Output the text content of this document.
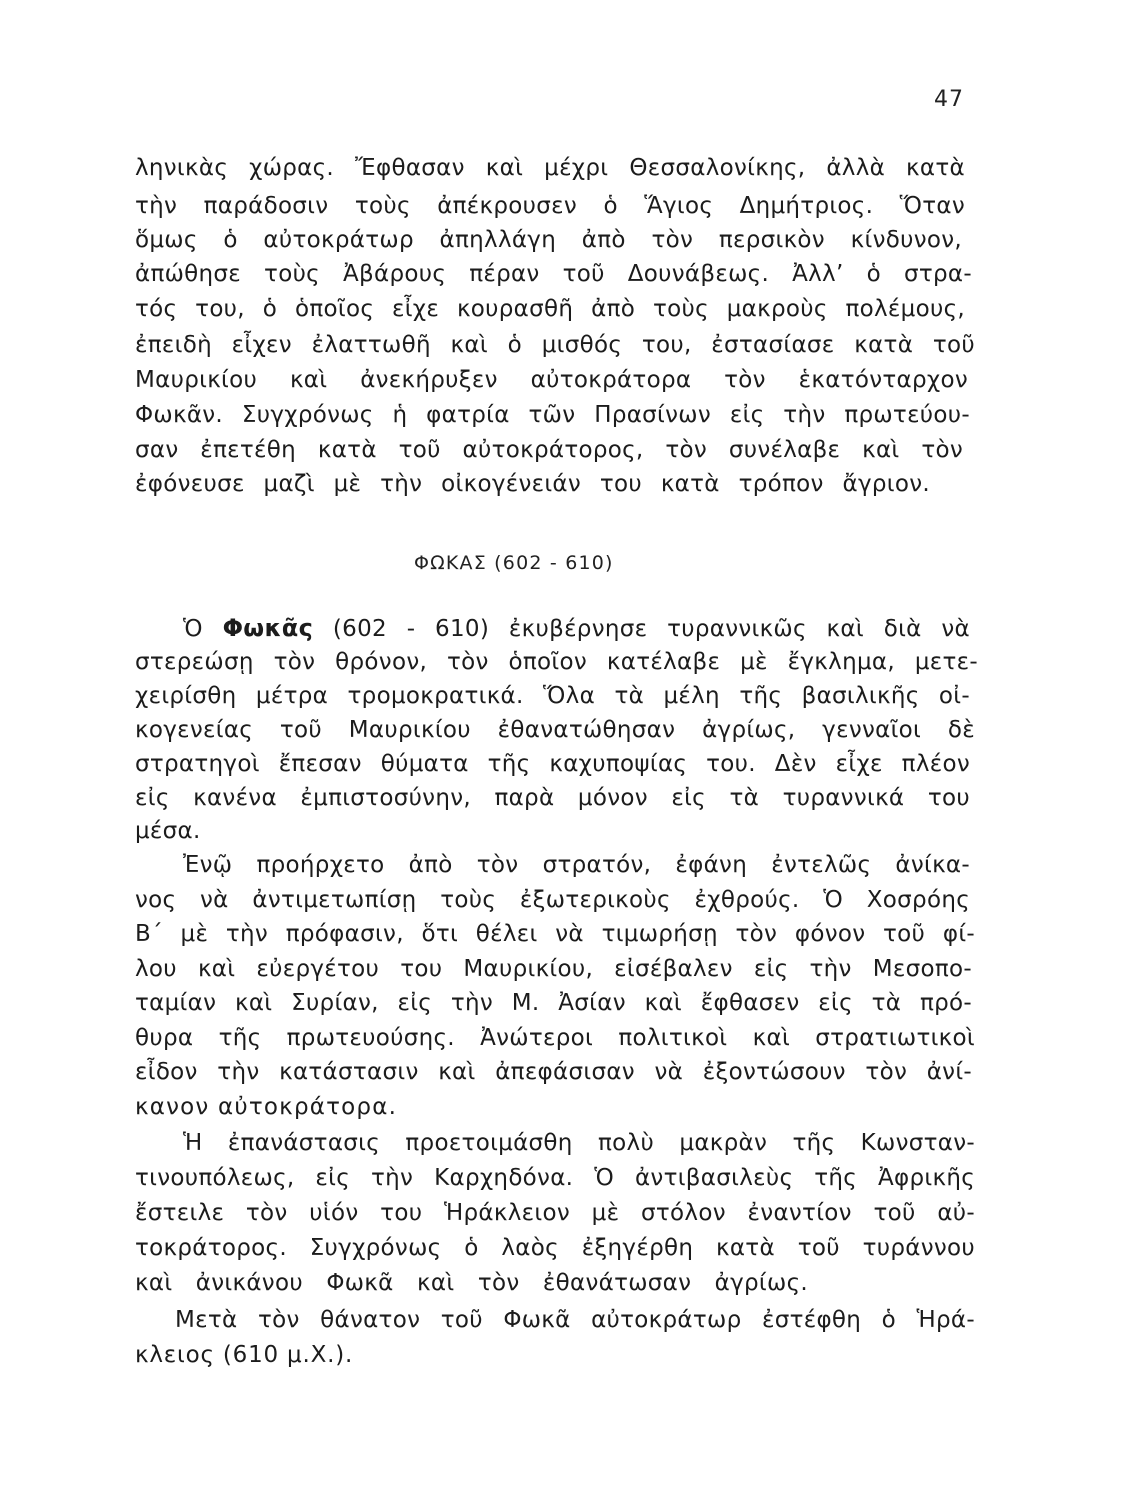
47
ληνικὰς χώρας. Ἔφθασαν καὶ μέχρι Θεσσαλονίκης, ἀλλὰ κατὰ
τὴν παράδοσιν τοὺς ἀπέκρουσεν ὁ Ἅγιος Δημήτριος. Ὅταν
ὅμως ὁ αὐτοκράτωρ ἀπηλλάγη ἀπὸ τὸν περσικὸν κίνδυνον,
ἀπώθησε τοὺς Ἀβάρους πέραν τοῦ Δουνάβεως. Ἀλλ’ ὁ στρα-
τός του, ὁ ὁποῖος εἶχε κουρασθῆ ἀπὸ τοὺς μακροὺς πολέμους,
ἐπειδὴ εἶχεν ἐλαττωθῆ καὶ ὁ μισθός του, ἐστασίασε κατὰ τοῦ
Μαυρικίου καὶ ἀνεκήρυξεν αὐτοκράτορα τὸν ἑκατόνταρχον
Φωκᾶν. Συγχρόνως ἡ φατρία τῶν Πρασίνων εἰς τὴν πρωτεύου-
σαν ἐπετέθη κατὰ τοῦ αὐτοκράτορος, τὸν συνέλαβε καὶ τὸν
ἐφόνευσε μαζὶ μὲ τὴν οἰκογένειάν του κατὰ τρόπον ἄγριον.
ΦΩΚΑΣ (602 - 610)
Ὁ Φωκᾶς (602 - 610) ἐκυβέρνησε τυραννικῶς καὶ διὰ νὰ
στερεώσῃ τὸν θρόνον, τὸν ὁποῖον κατέλαβε μὲ ἔγκλημα, μετε-
χειρίσθη μέτρα τρομοκρατικά. Ὅλα τὰ μέλη τῆς βασιλικῆς οἰ-
κογενείας τοῦ Μαυρικίου ἐθανατώθησαν ἀγρίως, γενναῖοι δὲ
στρατηγοὶ ἔπεσαν θύματα τῆς καχυποψίας του. Δὲν εἶχε πλέον
εἰς κανένα ἐμπιστοσύνην, παρὰ μόνον εἰς τὰ τυραννικά του
μέσα.
Ἐνῷ προήρχετο ἀπὸ τὸν στρατόν, ἐφάνη ἐντελῶς ἀνίκα-
νος νὰ ἀντιμετωπίσῃ τοὺς ἐξωτερικοὺς ἐχθρούς. Ὁ Χοσρόης
Β΄ μὲ τὴν πρόφασιν, ὅτι θέλει νὰ τιμωρήσῃ τὸν φόνον τοῦ φί-
λου καὶ εὐεργέτου του Μαυρικίου, εἰσέβαλεν εἰς τὴν Μεσοπο-
ταμίαν καὶ Συρίαν, εἰς τὴν Μ. Ἀσίαν καὶ ἔφθασεν εἰς τὰ πρό-
θυρα τῆς πρωτευούσης. Ἀνώτεροι πολιτικοὶ καὶ στρατιωτικοὶ
εἶδον τὴν κατάστασιν καὶ ἀπεφάσισαν νὰ ἐξοντώσουν τὸν ἀνί-
κανον αὐτοκράτορα.
Ἡ ἐπανάστασις προετοιμάσθη πολὺ μακρὰν τῆς Κωνσταν-
τινουπόλεως, εἰς τὴν Καρχηδόνα. Ὁ ἀντιβασιλεὺς τῆς Ἀφρικῆς
ἔστειλε τὸν υἱόν του Ἡράκλειον μὲ στόλον ἐναντίον τοῦ αὐ-
τοκράτορος. Συγχρόνως ὁ λαὸς ἐξηγέρθη κατὰ τοῦ τυράννου
καὶ ἀνικάνου Φωκᾶ καὶ τὸν ἐθανάτωσαν ἀγρίως.
Μετὰ τὸν θάνατον τοῦ Φωκᾶ αὐτοκράτωρ ἐστέφθη ὁ Ἡρά-
κλειος (610 μ.Χ.).
